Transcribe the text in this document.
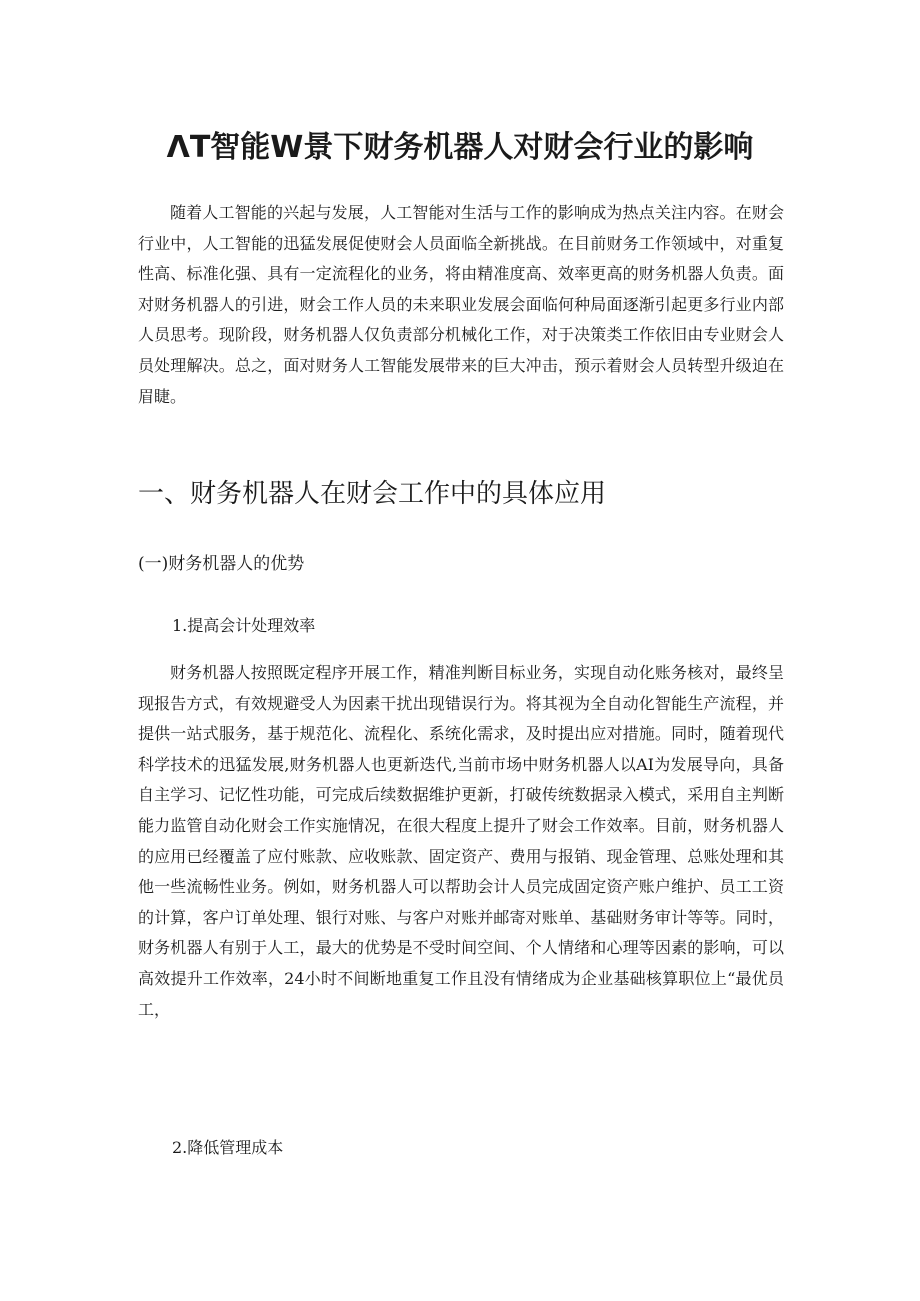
ΛT智能W景下财务机器人对财会行业的影响

随着人工智能的兴起与发展，人工智能对生活与工作的影响成为热点关注内容。在财会行业中，人工智能的迅猛发展促使财会人员面临全新挑战。在目前财务工作领域中，对重复性高、标准化强、具有一定流程化的业务，将由精准度高、效率更高的财务机器人负责。面对财务机器人的引进，财会工作人员的未来职业发展会面临何种局面逐渐引起更多行业内部人员思考。现阶段，财务机器人仅负责部分机械化工作，对于决策类工作依旧由专业财会人员处理解决。总之，面对财务人工智能发展带来的巨大冲击，预示着财会人员转型升级迫在眉睫。

一、财务机器人在财会工作中的具体应用
(一)财务机器人的优势
1.提高会计处理效率

财务机器人按照既定程序开展工作，精准判断目标业务，实现自动化账务核对，最终呈现报告方式，有效规避受人为因素干扰出现错误行为。将其视为全自动化智能生产流程，并提供一站式服务，基于规范化、流程化、系统化需求，及时提出应对措施。同时，随着现代科学技术的迅猛发展,财务机器人也更新迭代,当前市场中财务机器人以AI为发展导向，具备自主学习、记忆性功能，可完成后续数据维护更新，打破传统数据录入模式，采用自主判断能力监管自动化财会工作实施情况，在很大程度上提升了财会工作效率。目前，财务机器人的应用已经覆盖了应付账款、应收账款、固定资产、费用与报销、现金管理、总账处理和其他一些流畅性业务。例如，财务机器人可以帮助会计人员完成固定资产账户维护、员工工资的计算，客户订单处理、银行对账、与客户对账并邮寄对账单、基础财务审计等等。同时，财务机器人有别于人工，最大的优势是不受时间空间、个人情绪和心理等因素的影响，可以高效提升工作效率，24小时不间断地重复工作且没有情绪成为企业基础核算职位上“最优员工，

2.降低管理成本
